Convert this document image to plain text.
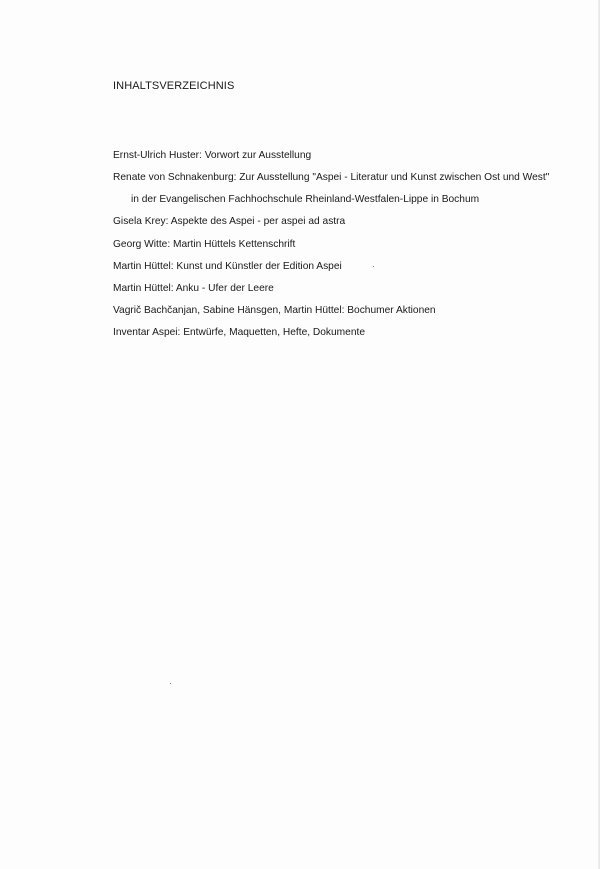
INHALTSVERZEICHNIS
Ernst-Ulrich Huster: Vorwort zur Ausstellung
Renate von Schnakenburg: Zur Ausstellung "Aspei - Literatur und Kunst zwischen Ost und West"
in der Evangelischen Fachhochschule Rheinland-Westfalen-Lippe in Bochum
Gisela Krey: Aspekte des Aspei - per aspei ad astra
Georg Witte: Martin Hüttels Kettenschrift
Martin Hüttel: Kunst und Künstler der Edition Aspei
Martin Hüttel: Anku - Ufer der Leere
Vagrič Bachčanjan, Sabine Hänsgen, Martin Hüttel: Bochumer Aktionen
Inventar Aspei: Entwürfe, Maquetten, Hefte, Dokumente
